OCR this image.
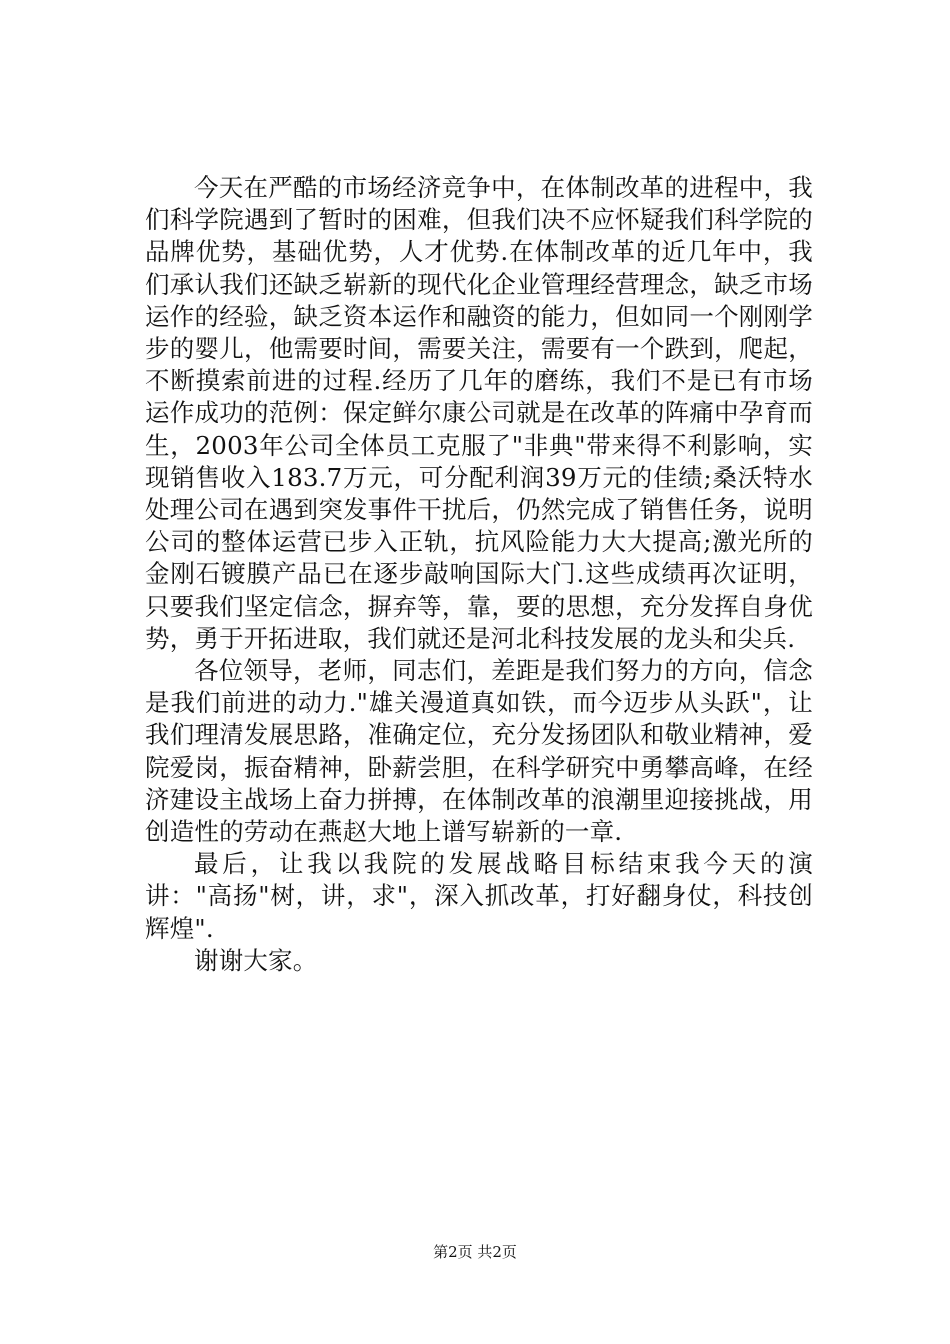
今天在严酷的市场经济竞争中，在体制改革的进程中，我们科学院遇到了暂时的困难，但我们决不应怀疑我们科学院的品牌优势，基础优势，人才优势.在体制改革的近几年中，我们承认我们还缺乏崭新的现代化企业管理经营理念，缺乏市场运作的经验，缺乏资本运作和融资的能力，但如同一个刚刚学步的婴儿，他需要时间，需要关注，需要有一个跌到，爬起，不断摸索前进的过程.经历了几年的磨练，我们不是已有市场运作成功的范例：保定鲜尔康公司就是在改革的阵痛中孕育而生，2003年公司全体员工克服了"非典"带来得不利影响，实现销售收入183.7万元，可分配利润39万元的佳绩;桑沃特水处理公司在遇到突发事件干扰后，仍然完成了销售任务，说明公司的整体运营已步入正轨，抗风险能力大大提高;激光所的金刚石镀膜产品已在逐步敲响国际大门.这些成绩再次证明，只要我们坚定信念，摒弃等，靠，要的思想，充分发挥自身优势，勇于开拓进取，我们就还是河北科技发展的龙头和尖兵.

各位领导，老师，同志们，差距是我们努力的方向，信念是我们前进的动力."雄关漫道真如铁，而今迈步从头跃"，让我们理清发展思路，准确定位，充分发扬团队和敬业精神，爱院爱岗，振奋精神，卧薪尝胆，在科学研究中勇攀高峰，在经济建设主战场上奋力拼搏，在体制改革的浪潮里迎接挑战，用创造性的劳动在燕赵大地上谱写崭新的一章.

最后，让我以我院的发展战略目标结束我今天的演讲："高扬"树，讲，求"，深入抓改革，打好翻身仗，科技创辉煌".

谢谢大家。

第2页 共2页
